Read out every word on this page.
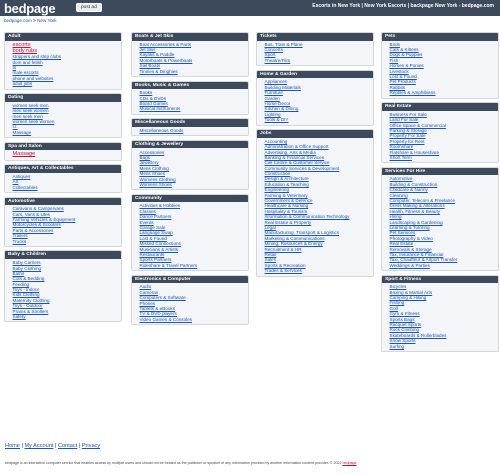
bedpage	post ad	Escorts in New York | New York Escorts | backpage New York - bedpage.com
bedpage.com > New York
Adult
escorts
body rubs
strippers and strip clubs
dom and fetish
ts
male escorts
phone and websites
adult jobs
Dating
women seek men
men seek women
men seek men
women seek women
t.r.
Massage
Spa and Salon
Massage
Antiques, Art & Collectables
Antiques
Art
Collectables
Automotive
Caravans & Campervans
Cars, Vans & Utes
Farming Vehicles & Equipment
Motorcycles & Scooters
Parts & Accessories
Trailers
Trucks
Baby & Children
Baby Carriers
Baby Clothing
Baths
Cots & Bedding
Feeding
Toys - Indoor
Kids Clothing
Maternity Clothing
Toys - Outdoor
Prams & Strollers
Safety
Boats & Jet Skis
Boat Accessories & Parts
Jet Skis
Kayaks & Paddle
Motorboats & Powerboats
Sail Boats
Tinnies & Dinghies
Books, Music & Games
Books
CDs & DVDs
Board Games
Musical Instruments
Miscellaneous Goods
Miscellaneous Goods
Clothing & Jewellery
Accessories
Bags
Jewellery
Mens Clothing
Mens Shoes
Womens Clothing
Womens Shoes
Community
Activities & Hobbies
Classes
Dance Partners
Events
Garage Sale
Language Swap
Lost & Found
Missed Connections
Musicians & Artists
Restaurants
Sports Partners
Rideshare & Travel Partners
Electronics & Computer
Audio
Cameras
Computers & Software
Phones
Tablets & eBooks
TV & DVD players
Video Games & Consoles
Tickets
Bus, Train & Plane
Concerts
Sport
Theatre/Film
Home & Garden
Appliances
Building Materials
Furniture
Garden
Home Decor
Kitchen & Dining
Lighting
Tools & DIY
Jobs
Accounting
Administration & Office Support
Advertising, Arts & Media
Banking & Financial Services
Call Centre & Customer Service
Community Services & Development
Construction
Design & Architecture
Education & Teaching
Engineering
Farming & Veterinary
Government & Defence
Healthcare & Nursing
Hospitality & Tourism
Information & Communication Technology
Real Estate & Property
Legal
Manufacturing, Transport & Logistics
Marketing & Communications
Mining, Resources & Energy
Recruitment & HR
Retail
Sales
Sports & Recreation
Trades & Services
Pets
Birds
Cats & Kittens
Dogs & Puppies
Fish
Horses & Ponies
Livestock
Lost & Found
Pet Products
Rabbits
Reptiles & Amphibians
Real Estate
Business For Sale
Land For Sale
Office Space & Commercial
Parking & Storage
Property For Sale
Property for Rent
Roomshare
Flatshare & Houseshare
Short Term
Services For Hire
Automotive
Building & Construction
Childcare & Nanny
Cleaning
Computer, Telecom & Freelance
Dress Making & Alterations
Health, Fitness & Beauty
Hiring
Landscaping & Gardening
Learning & Tutoring
Pet Services
Photography & Video
Real Estate
Removals & Storage
Tax, Insurance & Financial
Taxi, Chauffeur & Airport Transfer
Weddings & Parties
Sport & Fitness
Bicycles
Boxing & Martial Arts
Camping & Hiking
Fishing
Golf
Gym & Fitness
Sports Bags
Racquet Sports
Rock Climbing
Skateboards & Rollerblades
Snow Sports
Surfing
Home | My Account | Contact | Privacy
bedpage is an interactive computer service that enables access by multiple users and should not be treated as the publisher or speaker of any information provided by another information content provider. © 2022 bedpage
